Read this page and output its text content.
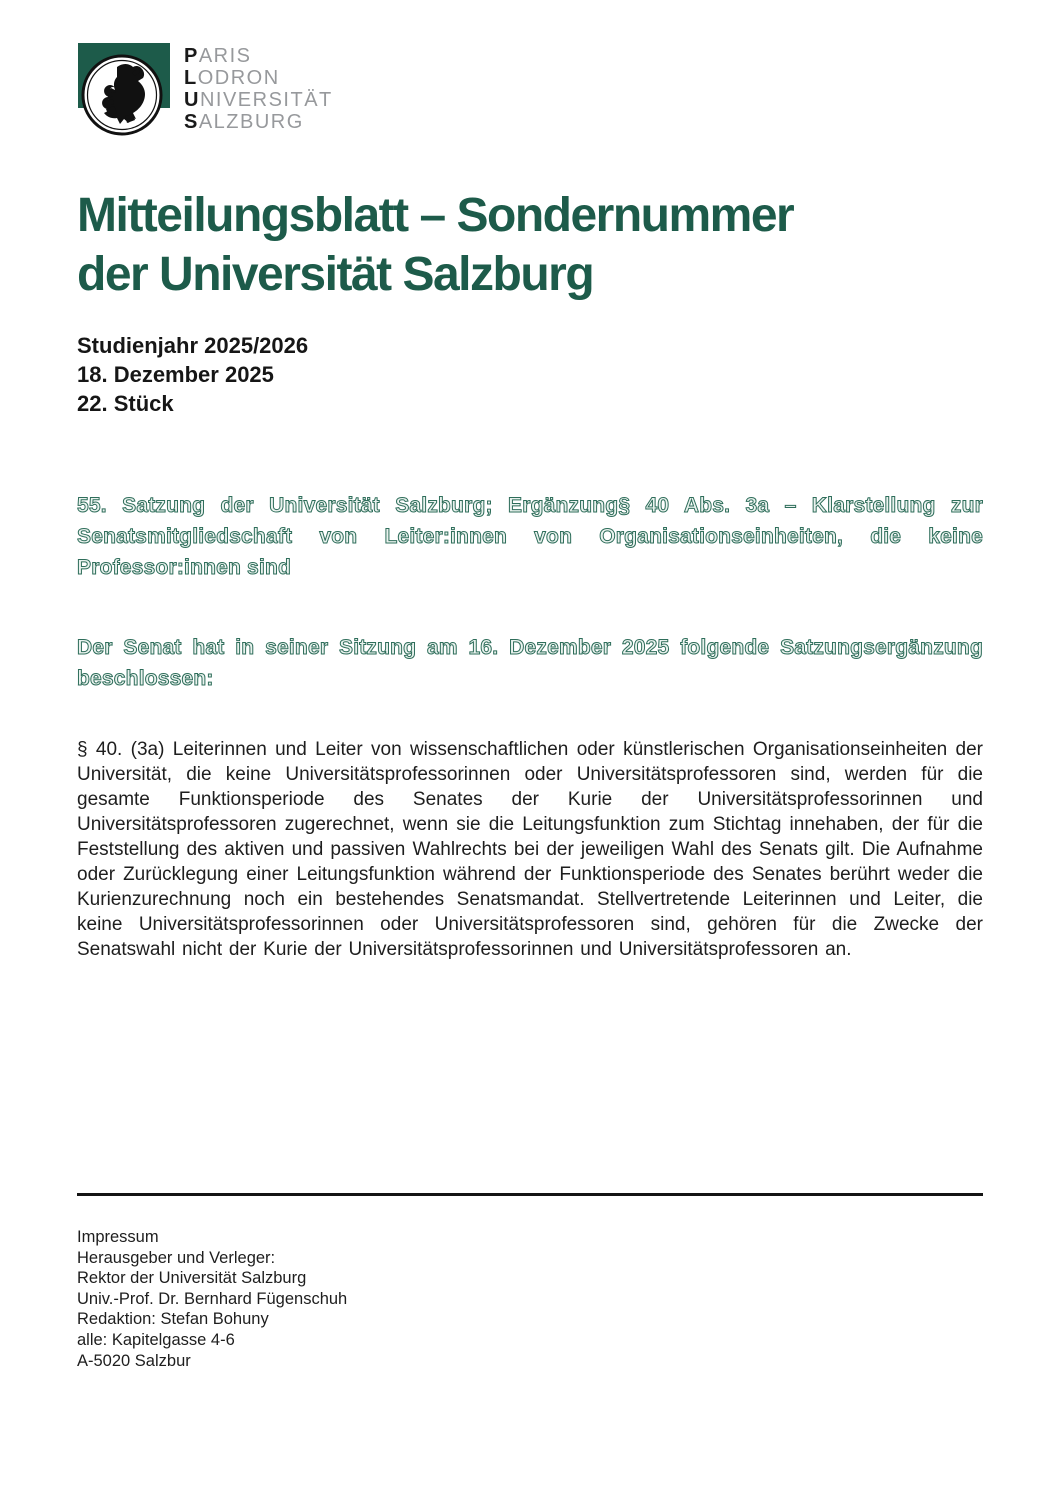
PARIS
LODRON
UNIVERSITÄT
SALZBURG
Mitteilungsblatt – Sondernummer
der Universität Salzburg
Studienjahr 2025/2026
18. Dezember 2025
22. Stück

55. Satzung der Universität Salzburg; Ergänzung§ 40 Abs. 3a – Klarstellung zur Senatsmitgliedschaft von Leiter:innen von Organisationseinheiten, die keine Professor:innen sind

Der Senat hat in seiner Sitzung am 16. Dezember 2025 folgende Satzungsergänzung beschlossen:

§ 40. (3a) Leiterinnen und Leiter von wissenschaftlichen oder künstlerischen Organisationseinheiten der Universität, die keine Universitätsprofessorinnen oder Universitätsprofessoren sind, werden für die gesamte Funktionsperiode des Senates der Kurie der Universitätsprofessorinnen und Universitätsprofessoren zugerechnet, wenn sie die Leitungsfunktion zum Stichtag innehaben, der für die Feststellung des aktiven und passiven Wahlrechts bei der jeweiligen Wahl des Senats gilt. Die Aufnahme oder Zurücklegung einer Leitungsfunktion während der Funktionsperiode des Senates berührt weder die Kurienzurechnung noch ein bestehendes Senatsmandat. Stellvertretende Leiterinnen und Leiter, die keine Universitätsprofessorinnen oder Universitätsprofessoren sind, gehören für die Zwecke der Senatswahl nicht der Kurie der Universitätsprofessorinnen und Universitätsprofessoren an.

Impressum
Herausgeber und Verleger:
Rektor der Universität Salzburg
Univ.-Prof. Dr. Bernhard Fügenschuh
Redaktion: Stefan Bohuny
alle: Kapitelgasse 4-6
A-5020 Salzbur
